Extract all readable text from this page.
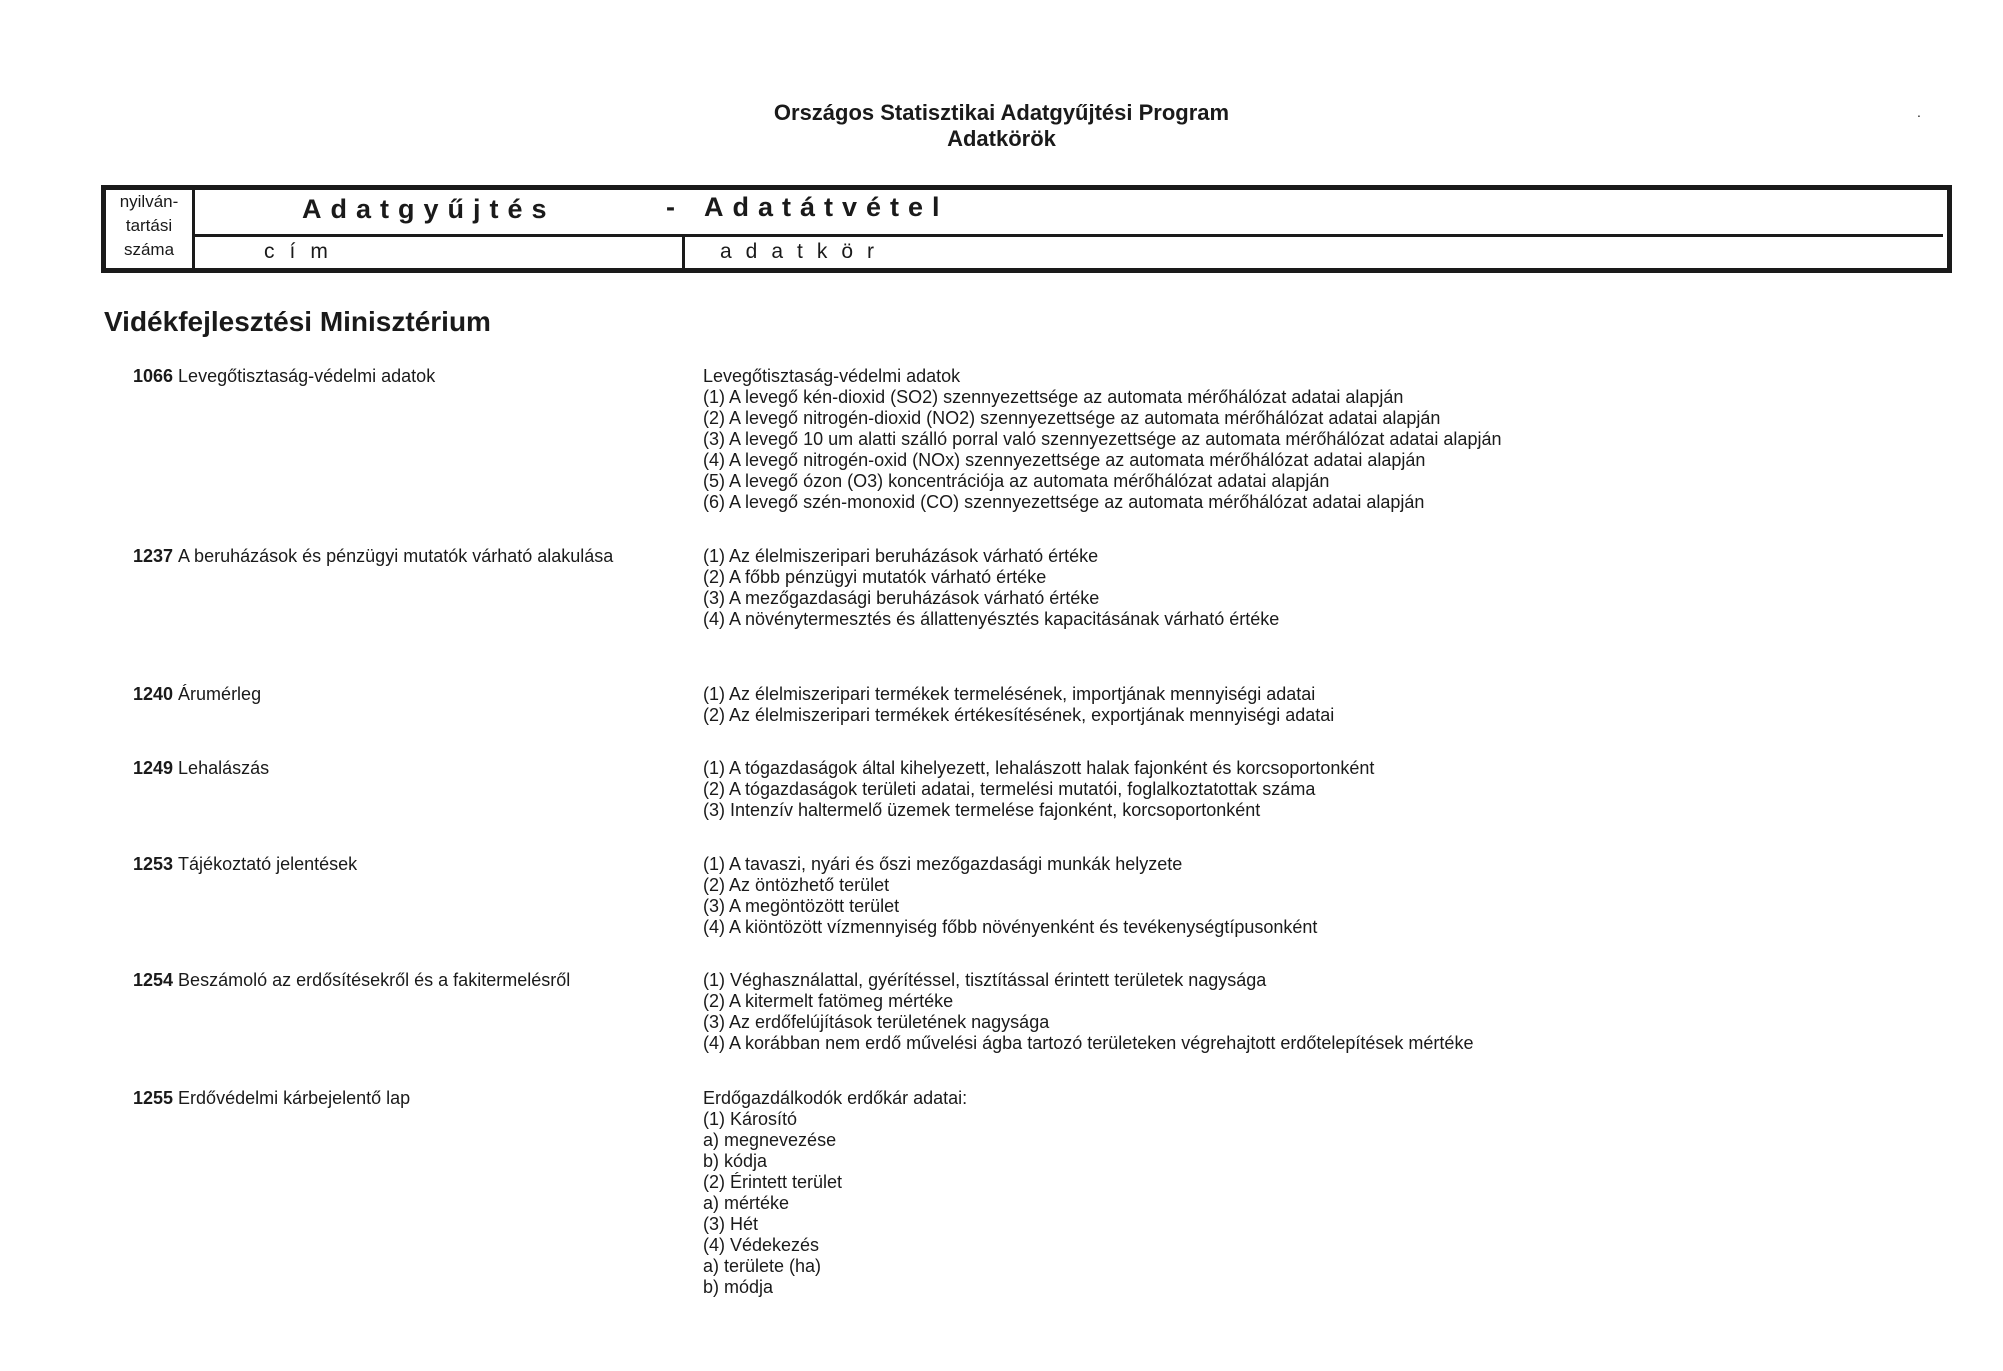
Országos Statisztikai Adatgyűjtési Program
Adatkörök
.
nyilván-
tartási
száma
Adatgyűjtés	- Adatátvétel
cím	adatkör
Vidékfejlesztési Minisztérium
1066 Levegőtisztaság-védelmi adatok	Levegőtisztaság-védelmi adatok
(1) A levegő kén-dioxid (SO2) szennyezettsége az automata mérőhálózat adatai alapján
(2) A levegő nitrogén-dioxid (NO2) szennyezettsége az automata mérőhálózat adatai alapján
(3) A levegő 10 um alatti szálló porral való szennyezettsége az automata mérőhálózat adatai alapján
(4) A levegő nitrogén-oxid (NOx) szennyezettsége az automata mérőhálózat adatai alapján
(5) A levegő ózon (O3) koncentrációja az automata mérőhálózat adatai alapján
(6) A levegő szén-monoxid (CO) szennyezettsége az automata mérőhálózat adatai alapján
1237 A beruházások és pénzügyi mutatók várható alakulása	(1) Az élelmiszeripari beruházások várható értéke
(2) A főbb pénzügyi mutatók várható értéke
(3) A mezőgazdasági beruházások várható értéke
(4) A növénytermesztés és állattenyésztés kapacitásának várható értéke
1240 Árumérleg	(1) Az élelmiszeripari termékek termelésének, importjának mennyiségi adatai
(2) Az élelmiszeripari termékek értékesítésének, exportjának mennyiségi adatai
1249 Lehalászás	(1) A tógazdaságok által kihelyezett, lehalászott halak fajonként és korcsoportonként
(2) A tógazdaságok területi adatai, termelési mutatói, foglalkoztatottak száma
(3) Intenzív haltermelő üzemek termelése fajonként, korcsoportonként
1253 Tájékoztató jelentések	(1) A tavaszi, nyári és őszi mezőgazdasági munkák helyzete
(2) Az öntözhető terület
(3) A megöntözött terület
(4) A kiöntözött vízmennyiség főbb növényenként és tevékenységtípusonként
1254 Beszámoló az erdősítésekről és a fakitermelésről	(1) Véghasználattal, gyérítéssel, tisztítással érintett területek nagysága
(2) A kitermelt fatömeg mértéke
(3) Az erdőfelújítások területének nagysága
(4) A korábban nem erdő művelési ágba tartozó területeken végrehajtott erdőtelepítések mértéke
1255 Erdővédelmi kárbejelentő lap	Erdőgazdálkodók erdőkár adatai:
(1) Károsító
a) megnevezése
b) kódja
(2) Érintett terület
a) mértéke
(3) Hét
(4) Védekezés
a) területe (ha)
b) módja
